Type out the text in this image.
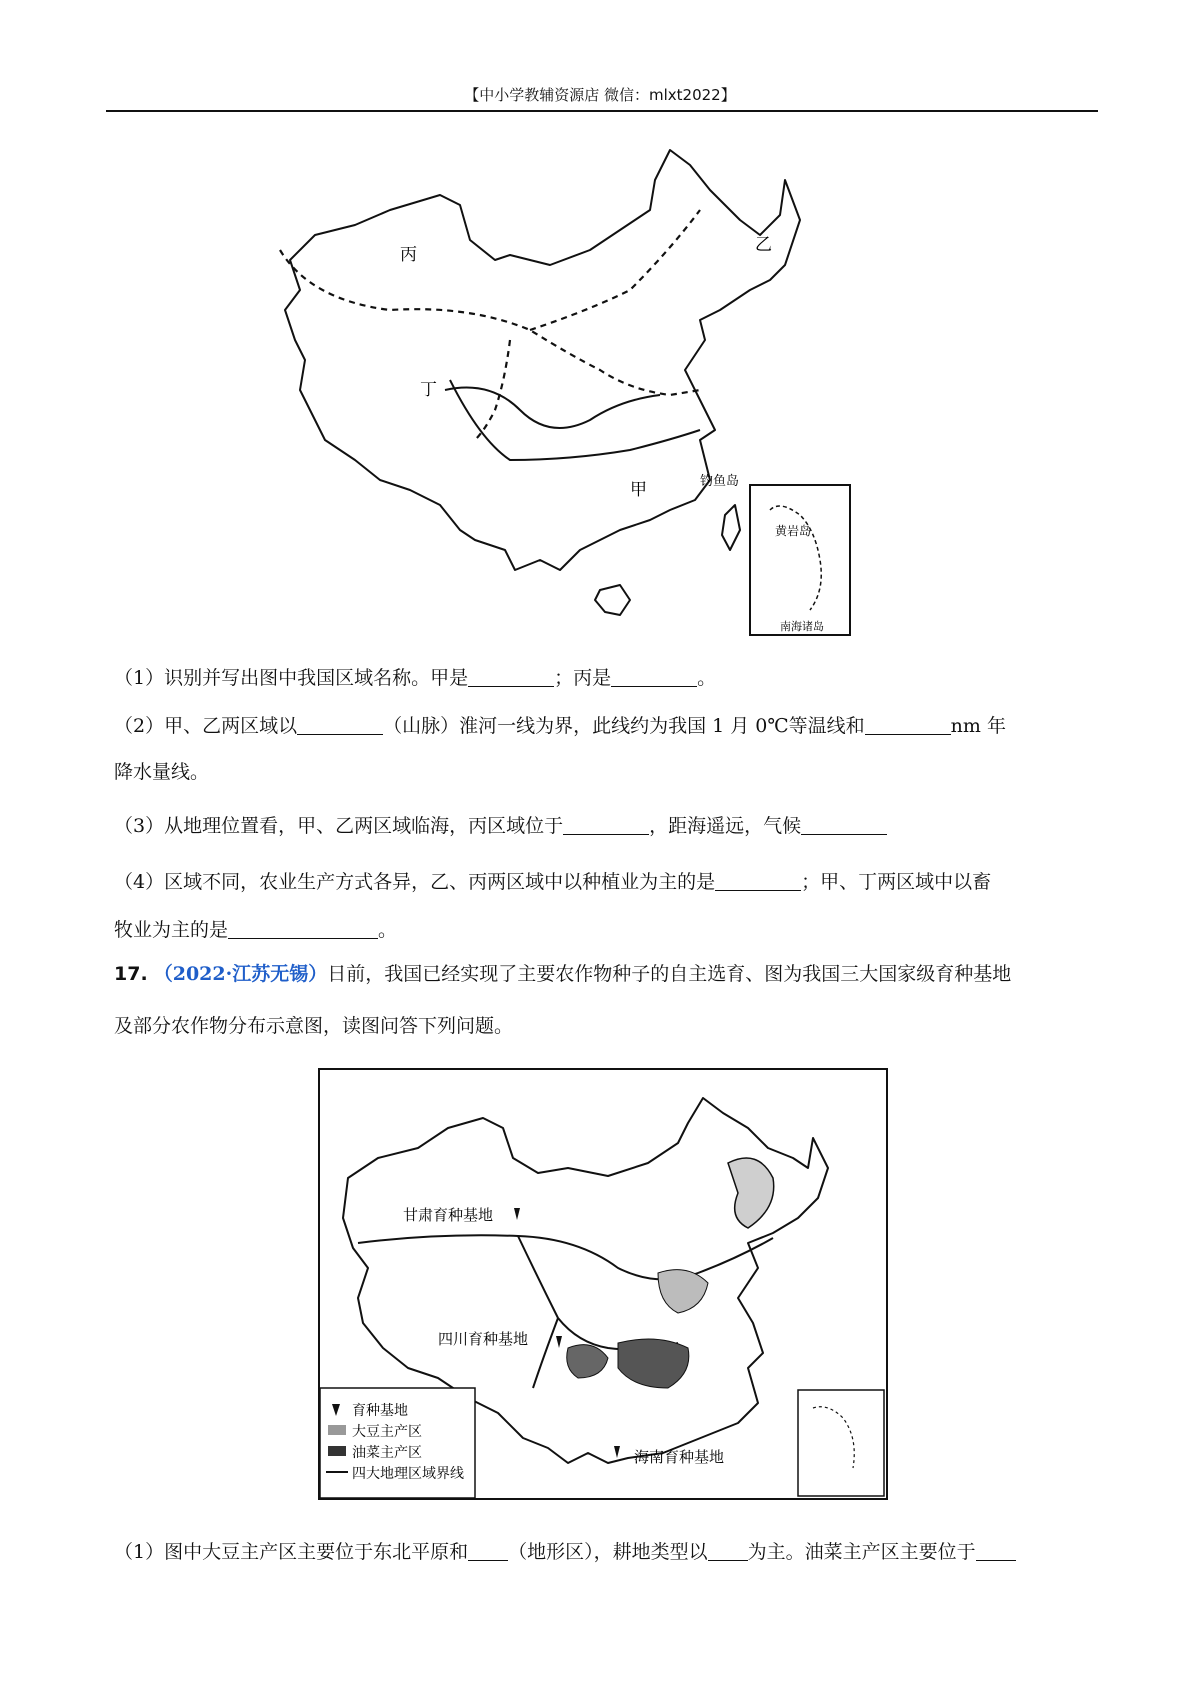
【中小学教辅资源店 微信：mlxt2022】
丙	乙
丁
甲	钓鱼岛
黄岩岛
南海诸岛
（1）识别并写出图中我国区域名称。甲是	；丙是	。
（2）甲、乙两区域以	（山脉）淮河一线为界，此线约为我国 1 月 0℃等温线和	nm 年
降水量线。
（3）从地理位置看，甲、乙两区域临海，丙区域位于	，距海遥远，气候
（4）区域不同，农业生产方式各异，乙、丙两区域中以种植业为主的是	；甲、丁两区域中以畜
牧业为主的是	。
17. （2022·江苏无锡）日前，我国已经实现了主要农作物种子的自主选育、图为我国三大国家级育种基地
及部分农作物分布示意图，读图问答下列问题。
甘肃育种基地
四川育种基地
海南育种基地
育种基地
大豆主产区
油菜主产区
四大地理区域界线
（1）图中大豆主产区主要位于东北平原和 （地形区），耕地类型以 为主。油菜主产区主要位于
